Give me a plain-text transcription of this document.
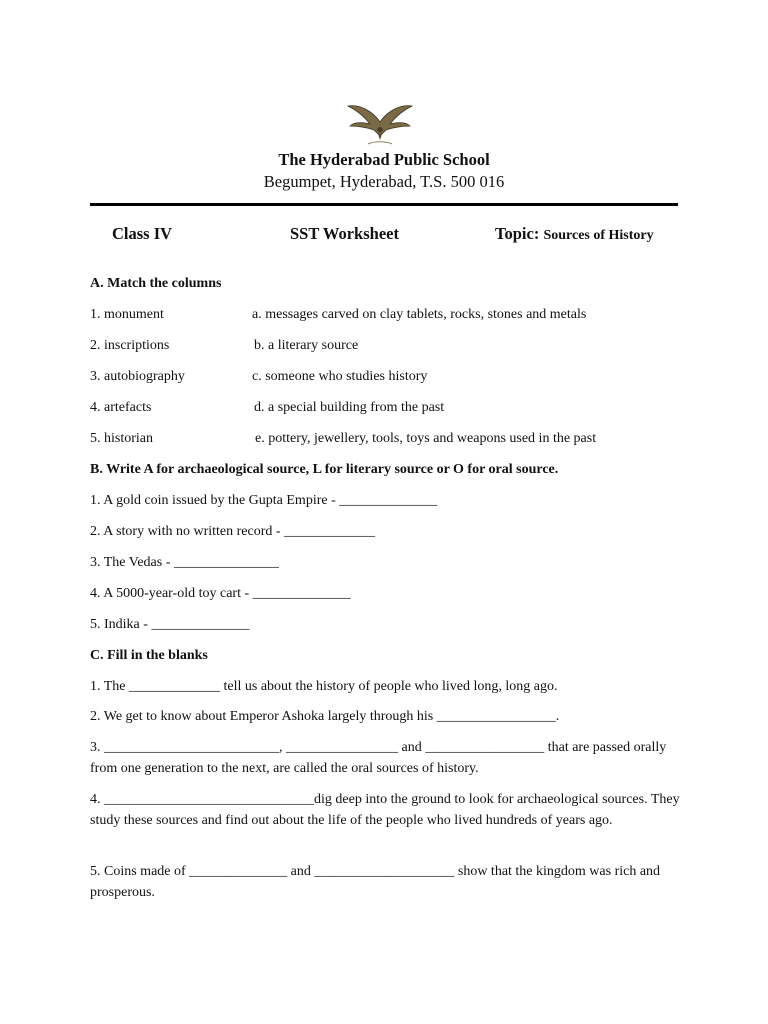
The Hyderabad Public School
Begumpet, Hyderabad, T.S. 500 016
Class IV	SST Worksheet	Topic: Sources of History
A. Match the columns
1. monument	a. messages carved on clay tablets, rocks, stones and metals
2. inscriptions	b. a literary source
3. autobiography	c. someone who studies history
4. artefacts	d. a special building from the past
5. historian	e. pottery, jewellery, tools, toys and weapons used in the past
B. Write A for archaeological source, L for literary source or O for oral source.
1. A gold coin issued by the Gupta Empire - ______________
2. A story with no written record - _____________
3. The Vedas - _______________
4. A 5000-year-old toy cart - ______________
5. Indika - ______________
C. Fill in the blanks
1. The _____________ tell us about the history of people who lived long, long ago.
2. We get to know about Emperor Ashoka largely through his _________________.
3. _________________________, ________________ and _________________ that are passed orally from one generation to the next, are called the oral sources of history.
4. ______________________________dig deep into the ground to look for archaeological sources. They study these sources and find out about the life of the people who lived hundreds of years ago.
5. Coins made of ______________ and ____________________ show that the kingdom was rich and prosperous.
